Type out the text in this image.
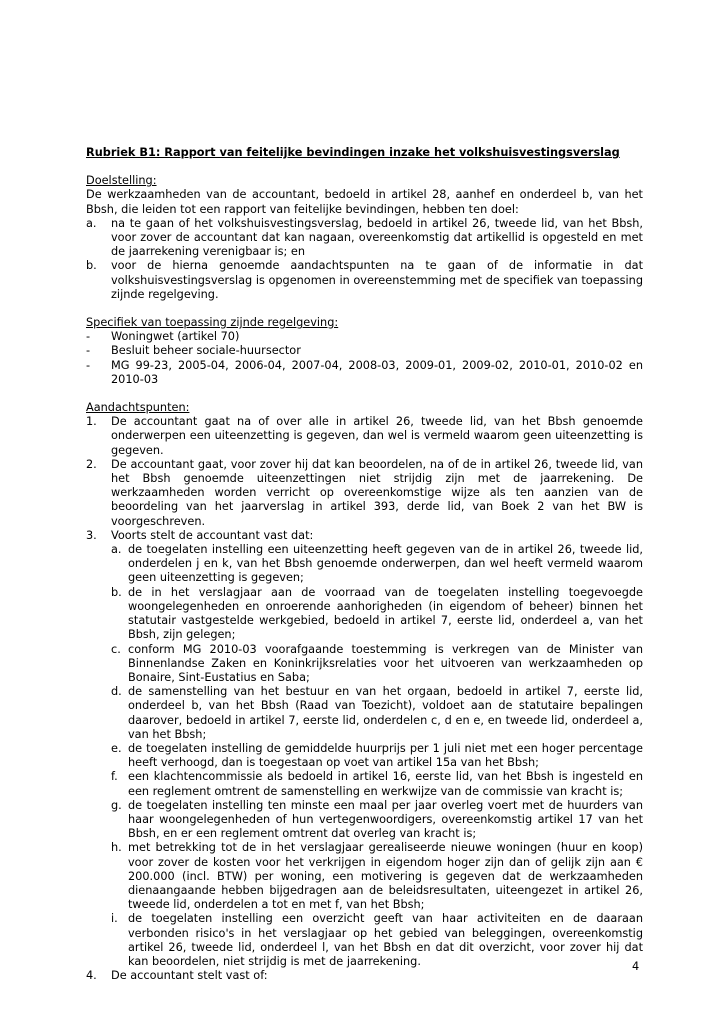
Rubriek B1: Rapport van feitelijke bevindingen inzake het volkshuisvestingsverslag
Doelstelling:
De werkzaamheden van de accountant, bedoeld in artikel 28, aanhef en onderdeel b, van het Bbsh, die leiden tot een rapport van feitelijke bevindingen, hebben ten doel:
a.	na te gaan of het volkshuisvestingsverslag, bedoeld in artikel 26, tweede lid, van het Bbsh, voor zover de accountant dat kan nagaan, overeenkomstig dat artikellid is opgesteld en met de jaarrekening verenigbaar is; en
b.	voor de hierna genoemde aandachtspunten na te gaan of de informatie in dat volkshuisvestingsverslag is opgenomen in overeenstemming met de specifiek van toepassing zijnde regelgeving.
Specifiek van toepassing zijnde regelgeving:
-	Woningwet (artikel 70)
-	Besluit beheer sociale-huursector
-	MG 99-23, 2005-04, 2006-04, 2007-04, 2008-03, 2009-01, 2009-02, 2010-01, 2010-02 en 2010-03
Aandachtspunten:
1.	De accountant gaat na of over alle in artikel 26, tweede lid, van het Bbsh genoemde onderwerpen een uiteenzetting is gegeven, dan wel is vermeld waarom geen uiteenzetting is gegeven.
2.	De accountant gaat, voor zover hij dat kan beoordelen, na of de in artikel 26, tweede lid, van het Bbsh genoemde uiteenzettingen niet strijdig zijn met de jaarrekening. De werkzaamheden worden verricht op overeenkomstige wijze als ten aanzien van de beoordeling van het jaarverslag in artikel 393, derde lid, van Boek 2 van het BW is voorgeschreven.
3.	Voorts stelt de accountant vast dat:
a. de toegelaten instelling een uiteenzetting heeft gegeven van de in artikel 26, tweede lid, onderdelen j en k, van het Bbsh genoemde onderwerpen, dan wel heeft vermeld waarom geen uiteenzetting is gegeven;
b. de in het verslagjaar aan de voorraad van de toegelaten instelling toegevoegde woongelegenheden en onroerende aanhorigheden (in eigendom of beheer) binnen het statutair vastgestelde werkgebied, bedoeld in artikel 7, eerste lid, onderdeel a, van het Bbsh, zijn gelegen;
c. conform MG 2010-03 voorafgaande toestemming is verkregen van de Minister van Binnenlandse Zaken en Koninkrijksrelaties voor het uitvoeren van werkzaamheden op Bonaire, Sint-Eustatius en Saba;
d. de samenstelling van het bestuur en van het orgaan, bedoeld in artikel 7, eerste lid, onderdeel b, van het Bbsh (Raad van Toezicht), voldoet aan de statutaire bepalingen daarover, bedoeld in artikel 7, eerste lid, onderdelen c, d en e, en tweede lid, onderdeel a, van het Bbsh;
e. de toegelaten instelling de gemiddelde huurprijs per 1 juli niet met een hoger percentage heeft verhoogd, dan is toegestaan op voet van artikel 15a van het Bbsh;
f. een klachtencommissie als bedoeld in artikel 16, eerste lid, van het Bbsh is ingesteld en een reglement omtrent de samenstelling en werkwijze van de commissie van kracht is;
g. de toegelaten instelling ten minste een maal per jaar overleg voert met de huurders van haar woongelegenheden of hun vertegenwoordigers, overeenkomstig artikel 17 van het Bbsh, en er een reglement omtrent dat overleg van kracht is;
h. met betrekking tot de in het verslagjaar gerealiseerde nieuwe woningen (huur en koop) voor zover de kosten voor het verkrijgen in eigendom hoger zijn dan of gelijk zijn aan € 200.000 (incl. BTW) per woning, een motivering is gegeven dat de werkzaamheden dienaangaande hebben bijgedragen aan de beleidsresultaten, uiteengezet in artikel 26, tweede lid, onderdelen a tot en met f, van het Bbsh;
i. de toegelaten instelling een overzicht geeft van haar activiteiten en de daaraan verbonden risico's in het verslagjaar op het gebied van beleggingen, overeenkomstig artikel 26, tweede lid, onderdeel l, van het Bbsh en dat dit overzicht, voor zover hij dat kan beoordelen, niet strijdig is met de jaarrekening.
4.	De accountant stelt vast of:
4
